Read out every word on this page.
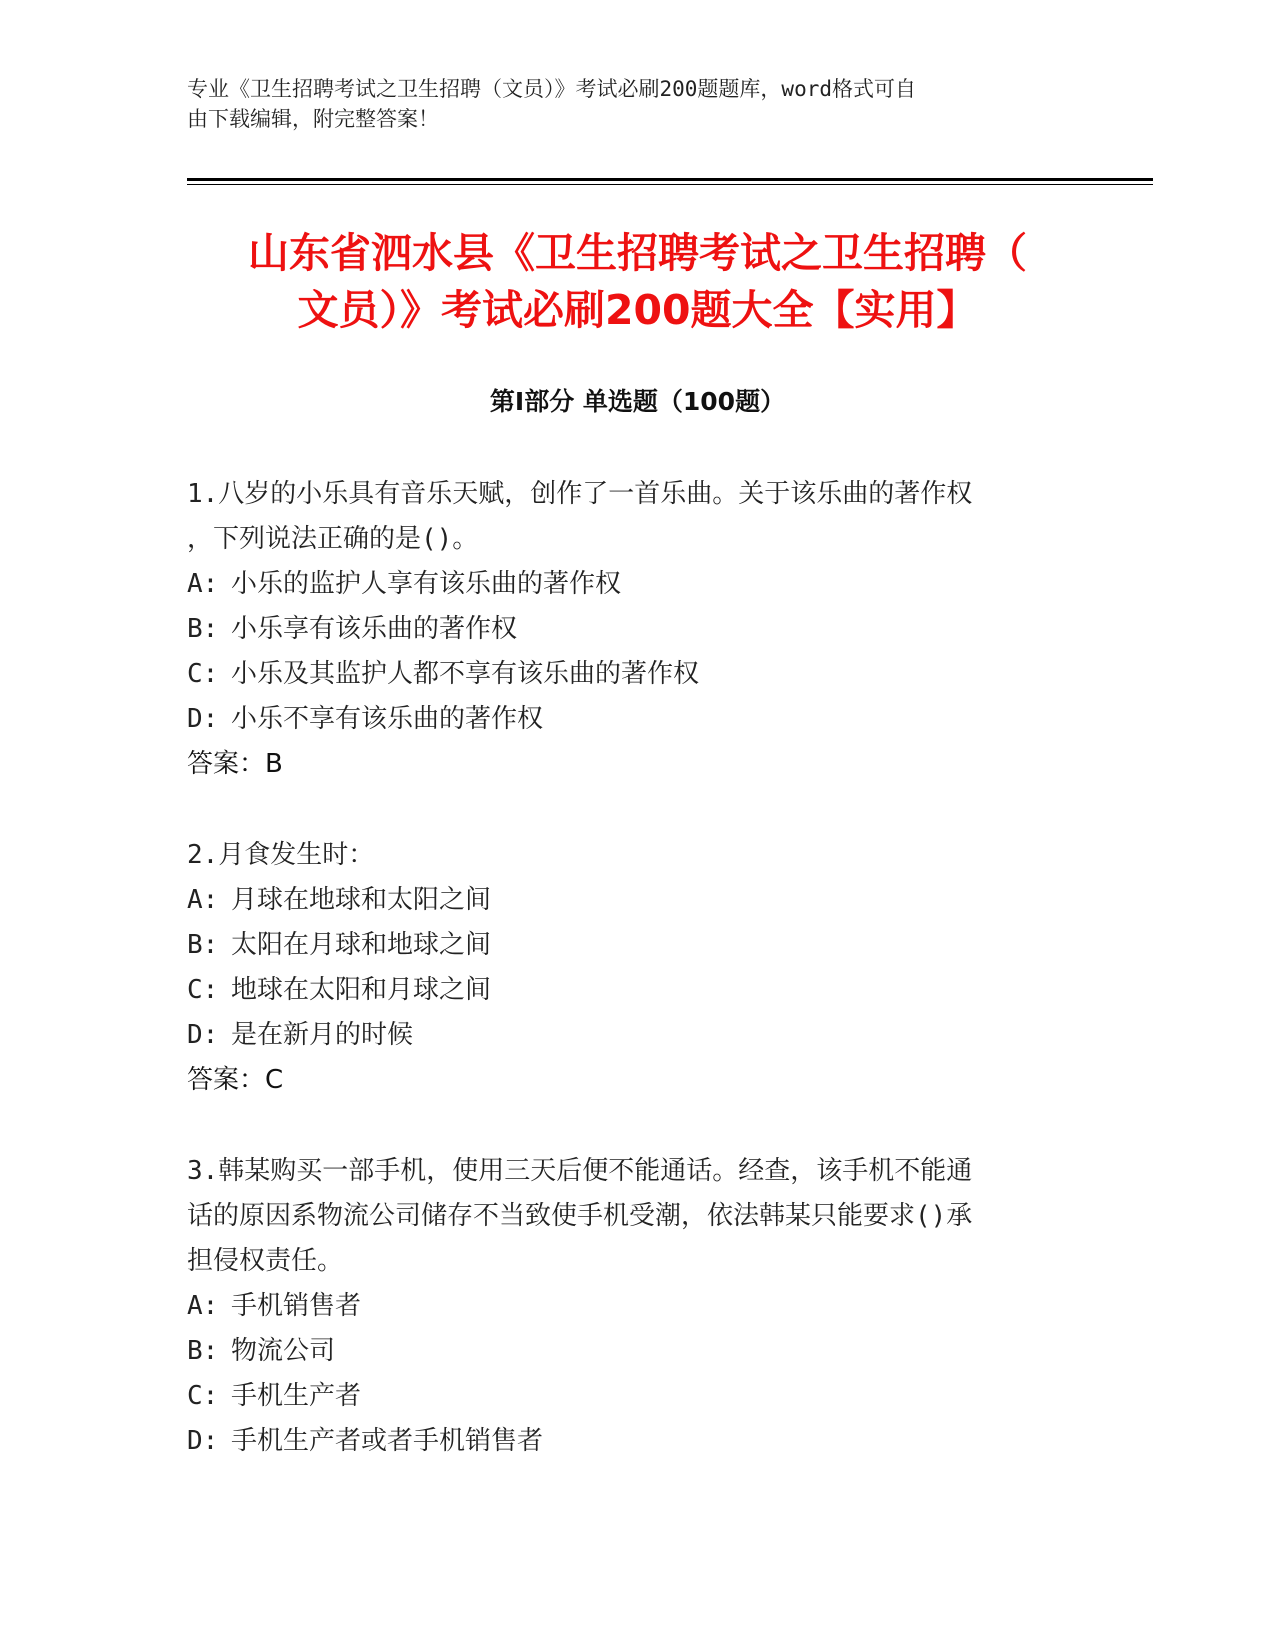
专业《卫生招聘考试之卫生招聘（文员）》考试必刷200题题库，word格式可自
由下载编辑，附完整答案！
山东省泗水县《卫生招聘考试之卫生招聘（
文员）》考试必刷200题大全【实用】
第Ⅰ部分 单选题（100题）
1.八岁的小乐具有音乐天赋，创作了一首乐曲。关于该乐曲的著作权
，下列说法正确的是()。
A: 小乐的监护人享有该乐曲的著作权
B: 小乐享有该乐曲的著作权
C: 小乐及其监护人都不享有该乐曲的著作权
D: 小乐不享有该乐曲的著作权
答案：B
2.月食发生时：
A: 月球在地球和太阳之间
B: 太阳在月球和地球之间
C: 地球在太阳和月球之间
D: 是在新月的时候
答案：C
3.韩某购买一部手机，使用三天后便不能通话。经查，该手机不能通
话的原因系物流公司储存不当致使手机受潮，依法韩某只能要求()承
担侵权责任。
A: 手机销售者
B: 物流公司
C: 手机生产者
D: 手机生产者或者手机销售者
